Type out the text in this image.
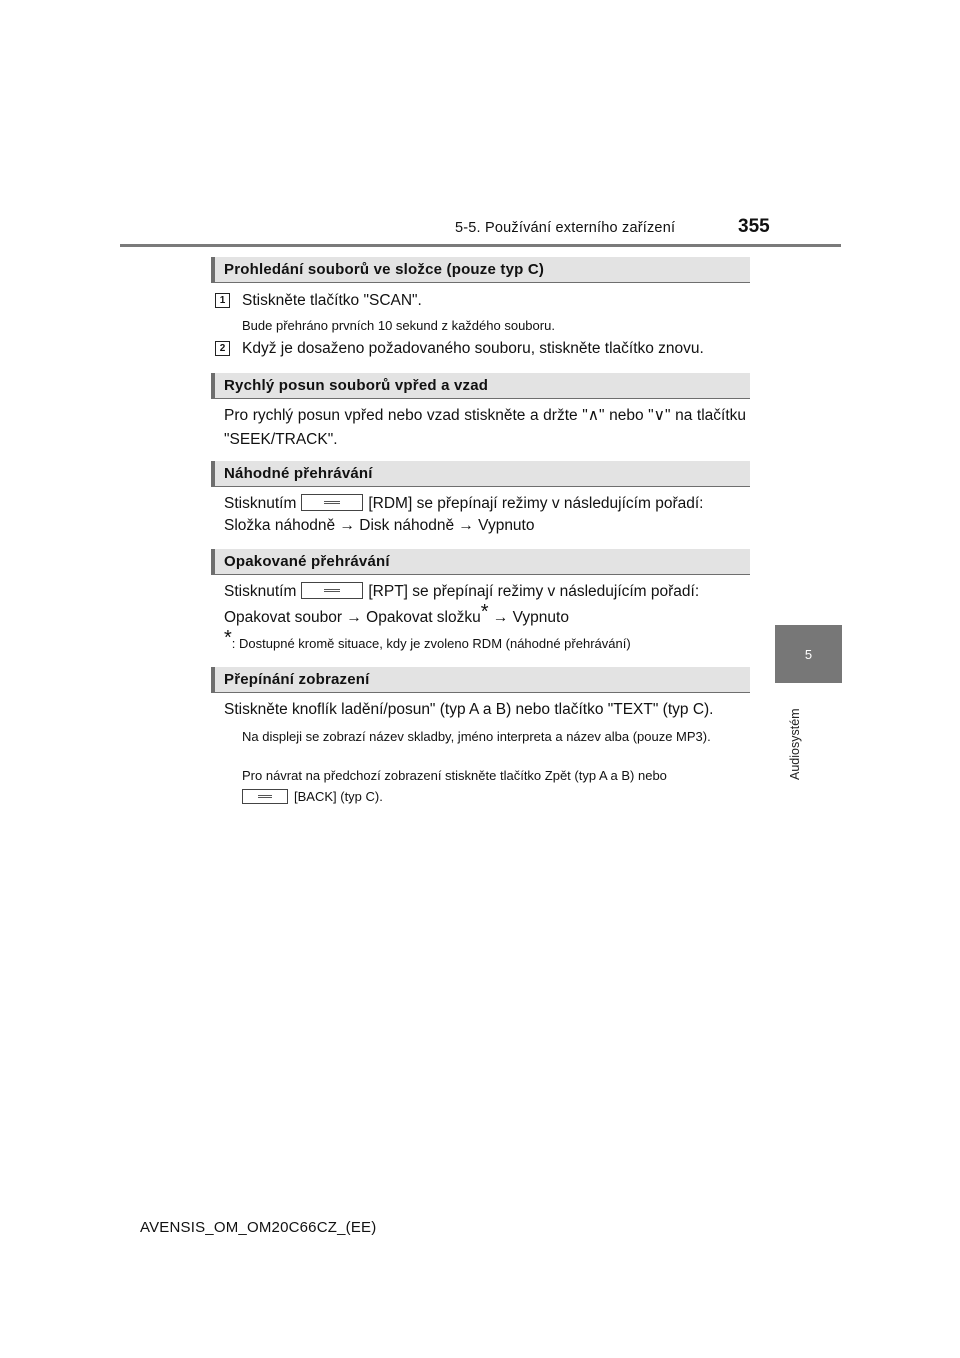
5-5. Používání externího zařízení	355
5
Audiosystém
Prohledání souborů ve složce (pouze typ C)
1	Stiskněte tlačítko "SCAN".
Bude přehráno prvních 10 sekund z každého souboru.
2	Když je dosaženo požadovaného souboru, stiskněte tlačítko znovu.
Rychlý posun souborů vpřed a vzad
Pro rychlý posun vpřed nebo vzad stiskněte a držte "∧" nebo "∨" na tlačítku "SEEK/TRACK".
Náhodné přehrávání
Stisknutím	[RDM] se přepínají režimy v následujícím pořadí:
Složka náhodně → Disk náhodně → Vypnuto
Opakované přehrávání
Stisknutím	[RPT] se přepínají režimy v následujícím pořadí:
Opakovat soubor → Opakovat složku* → Vypnuto
*: Dostupné kromě situace, kdy je zvoleno RDM (náhodné přehrávání)
Přepínání zobrazení
Stiskněte knoflík ladění/posun" (typ A a B) nebo tlačítko "TEXT" (typ C).
Na displeji se zobrazí název skladby, jméno interpreta a název alba (pouze MP3).
Pro návrat na předchozí zobrazení stiskněte tlačítko Zpět (typ A a B) nebo
[BACK] (typ C).
AVENSIS_OM_OM20C66CZ_(EE)
